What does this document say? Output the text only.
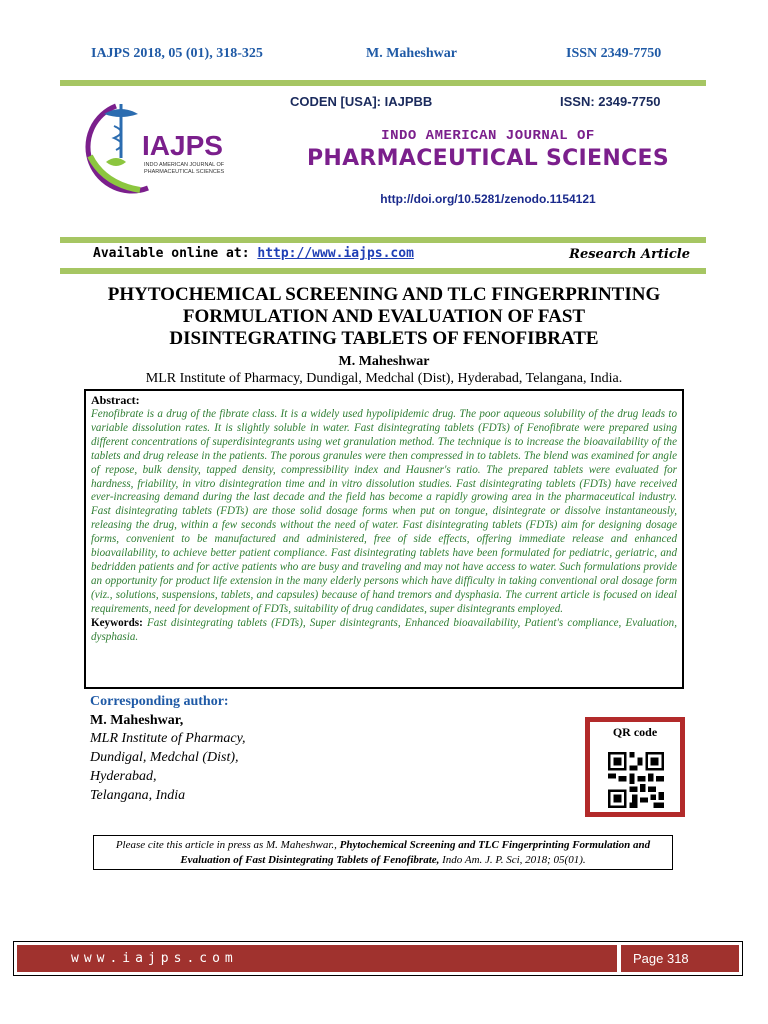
IAJPS 2018, 05 (01), 318-325	M. Maheshwar	ISSN 2349-7750
IAJPS
INDO AMERICAN JOURNAL OF
PHARMACEUTICAL SCIENCES
CODEN [USA]: IAJPBB	ISSN: 2349-7750
INDO AMERICAN JOURNAL OF
PHARMACEUTICAL SCIENCES
http://doi.org/10.5281/zenodo.1154121
Available online at: http://www.iajps.com	Research Article
PHYTOCHEMICAL SCREENING AND TLC FINGERPRINTING
FORMULATION AND EVALUATION OF FAST
DISINTEGRATING TABLETS OF FENOFIBRATE
M. Maheshwar
MLR Institute of Pharmacy, Dundigal, Medchal (Dist), Hyderabad, Telangana, India.
Abstract:
Fenofibrate is a drug of the fibrate class. It is a widely used hypolipidemic drug. The poor aqueous solubility of the drug leads to variable dissolution rates. It is slightly soluble in water. Fast disintegrating tablets (FDTs) of Fenofibrate were prepared using different concentrations of superdisintegrants using wet granulation method. The technique is to increase the bioavailability of the tablets and drug release in the patients. The porous granules were then compressed in to tablets. The blend was examined for angle of repose, bulk density, tapped density, compressibility index and Hausner's ratio. The prepared tablets were evaluated for hardness, friability, in vitro disintegration time and in vitro dissolution studies. Fast disintegrating tablets (FDTs) have received ever-increasing demand during the last decade and the field has become a rapidly growing area in the pharmaceutical industry. Fast disintegrating tablets (FDTs) are those solid dosage forms when put on tongue, disintegrate or dissolve instantaneously, releasing the drug, within a few seconds without the need of water. Fast disintegrating tablets (FDTs) aim for designing dosage forms, convenient to be manufactured and administered, free of side effects, offering immediate release and enhanced bioavailability, to achieve better patient compliance. Fast disintegrating tablets have been formulated for pediatric, geriatric, and bedridden patients and for active patients who are busy and traveling and may not have access to water. Such formulations provide an opportunity for product life extension in the many elderly persons which have difficulty in taking conventional oral dosage form (viz., solutions, suspensions, tablets, and capsules) because of hand tremors and dysphasia. The current article is focused on ideal requirements, need for development of FDTs, suitability of drug candidates, super disintegrants employed.
Keywords: Fast disintegrating tablets (FDTs), Super disintegrants, Enhanced bioavailability, Patient's compliance, Evaluation, dysphasia.
Corresponding author:
M. Maheshwar,
MLR Institute of Pharmacy,
Dundigal, Medchal (Dist),
Hyderabad,
Telangana, India
QR code
Please cite this article in press as M. Maheshwar., Phytochemical Screening and TLC Fingerprinting Formulation and Evaluation of Fast Disintegrating Tablets of Fenofibrate, Indo Am. J. P. Sci, 2018; 05(01).
www.iajps.com	Page 318
